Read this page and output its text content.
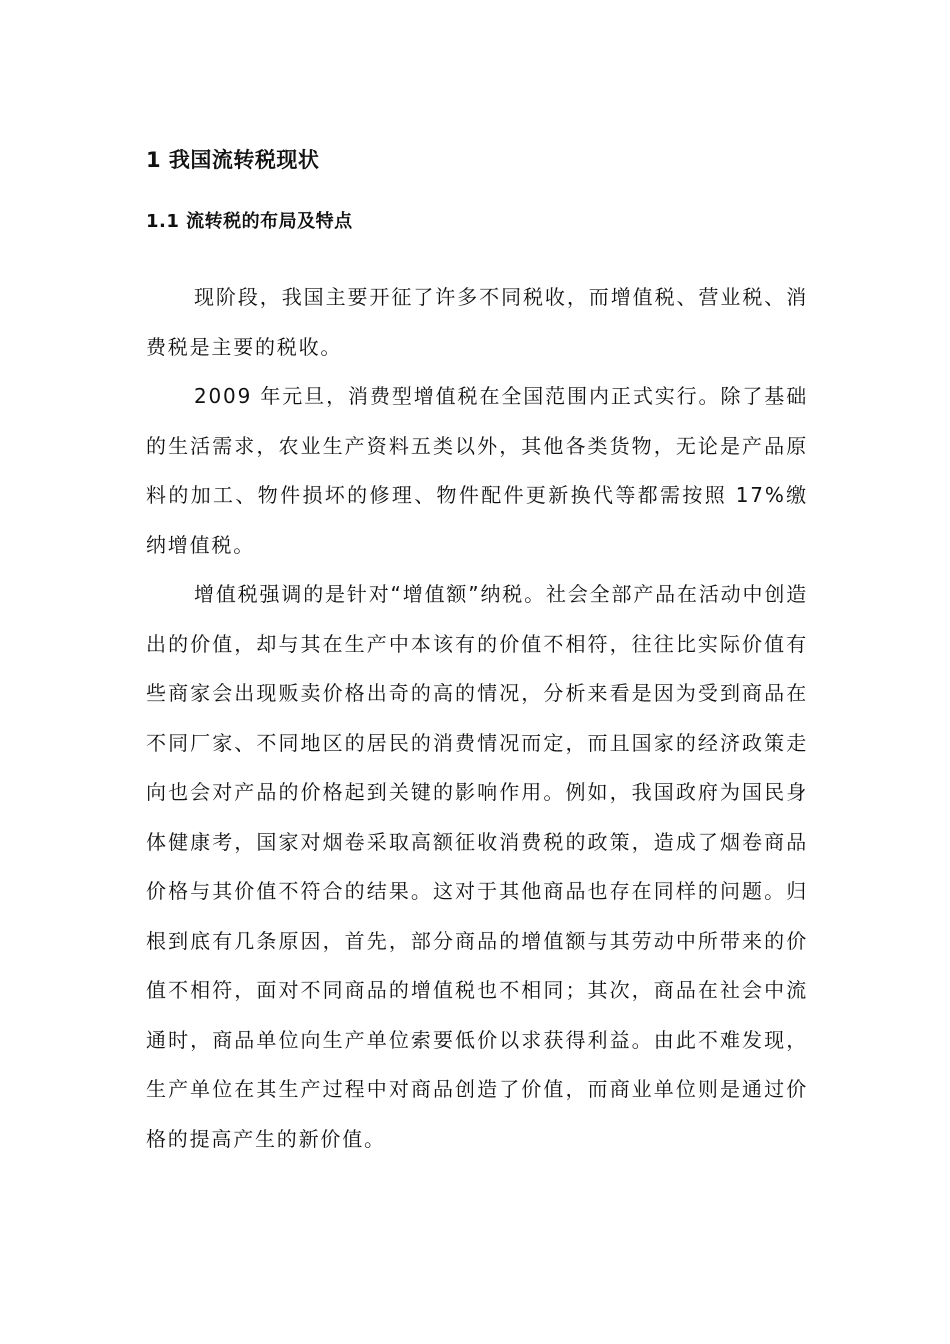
1 我国流转税现状
1.1 流转税的布局及特点

现阶段，我国主要开征了许多不同税收，而增值税、营业税、消费税是主要的税收。

2009 年元旦，消费型增值税在全国范围内正式实行。除了基础的生活需求，农业生产资料五类以外，其他各类货物，无论是产品原料的加工、物件损坏的修理、物件配件更新换代等都需按照 17%缴纳增值税。

增值税强调的是针对“增值额”纳税。社会全部产品在活动中创造出的价值，却与其在生产中本该有的价值不相符，往往比实际价值有些商家会出现贩卖价格出奇的高的情况，分析来看是因为受到商品在不同厂家、不同地区的居民的消费情况而定，而且国家的经济政策走向也会对产品的价格起到关键的影响作用。例如，我国政府为国民身体健康考，国家对烟卷采取高额征收消费税的政策，造成了烟卷商品价格与其价值不符合的结果。这对于其他商品也存在同样的问题。归根到底有几条原因，首先，部分商品的增值额与其劳动中所带来的价值不相符，面对不同商品的增值税也不相同；其次，商品在社会中流通时，商品单位向生产单位索要低价以求获得利益。由此不难发现，生产单位在其生产过程中对商品创造了价值，而商业单位则是通过价格的提高产生的新价值。
